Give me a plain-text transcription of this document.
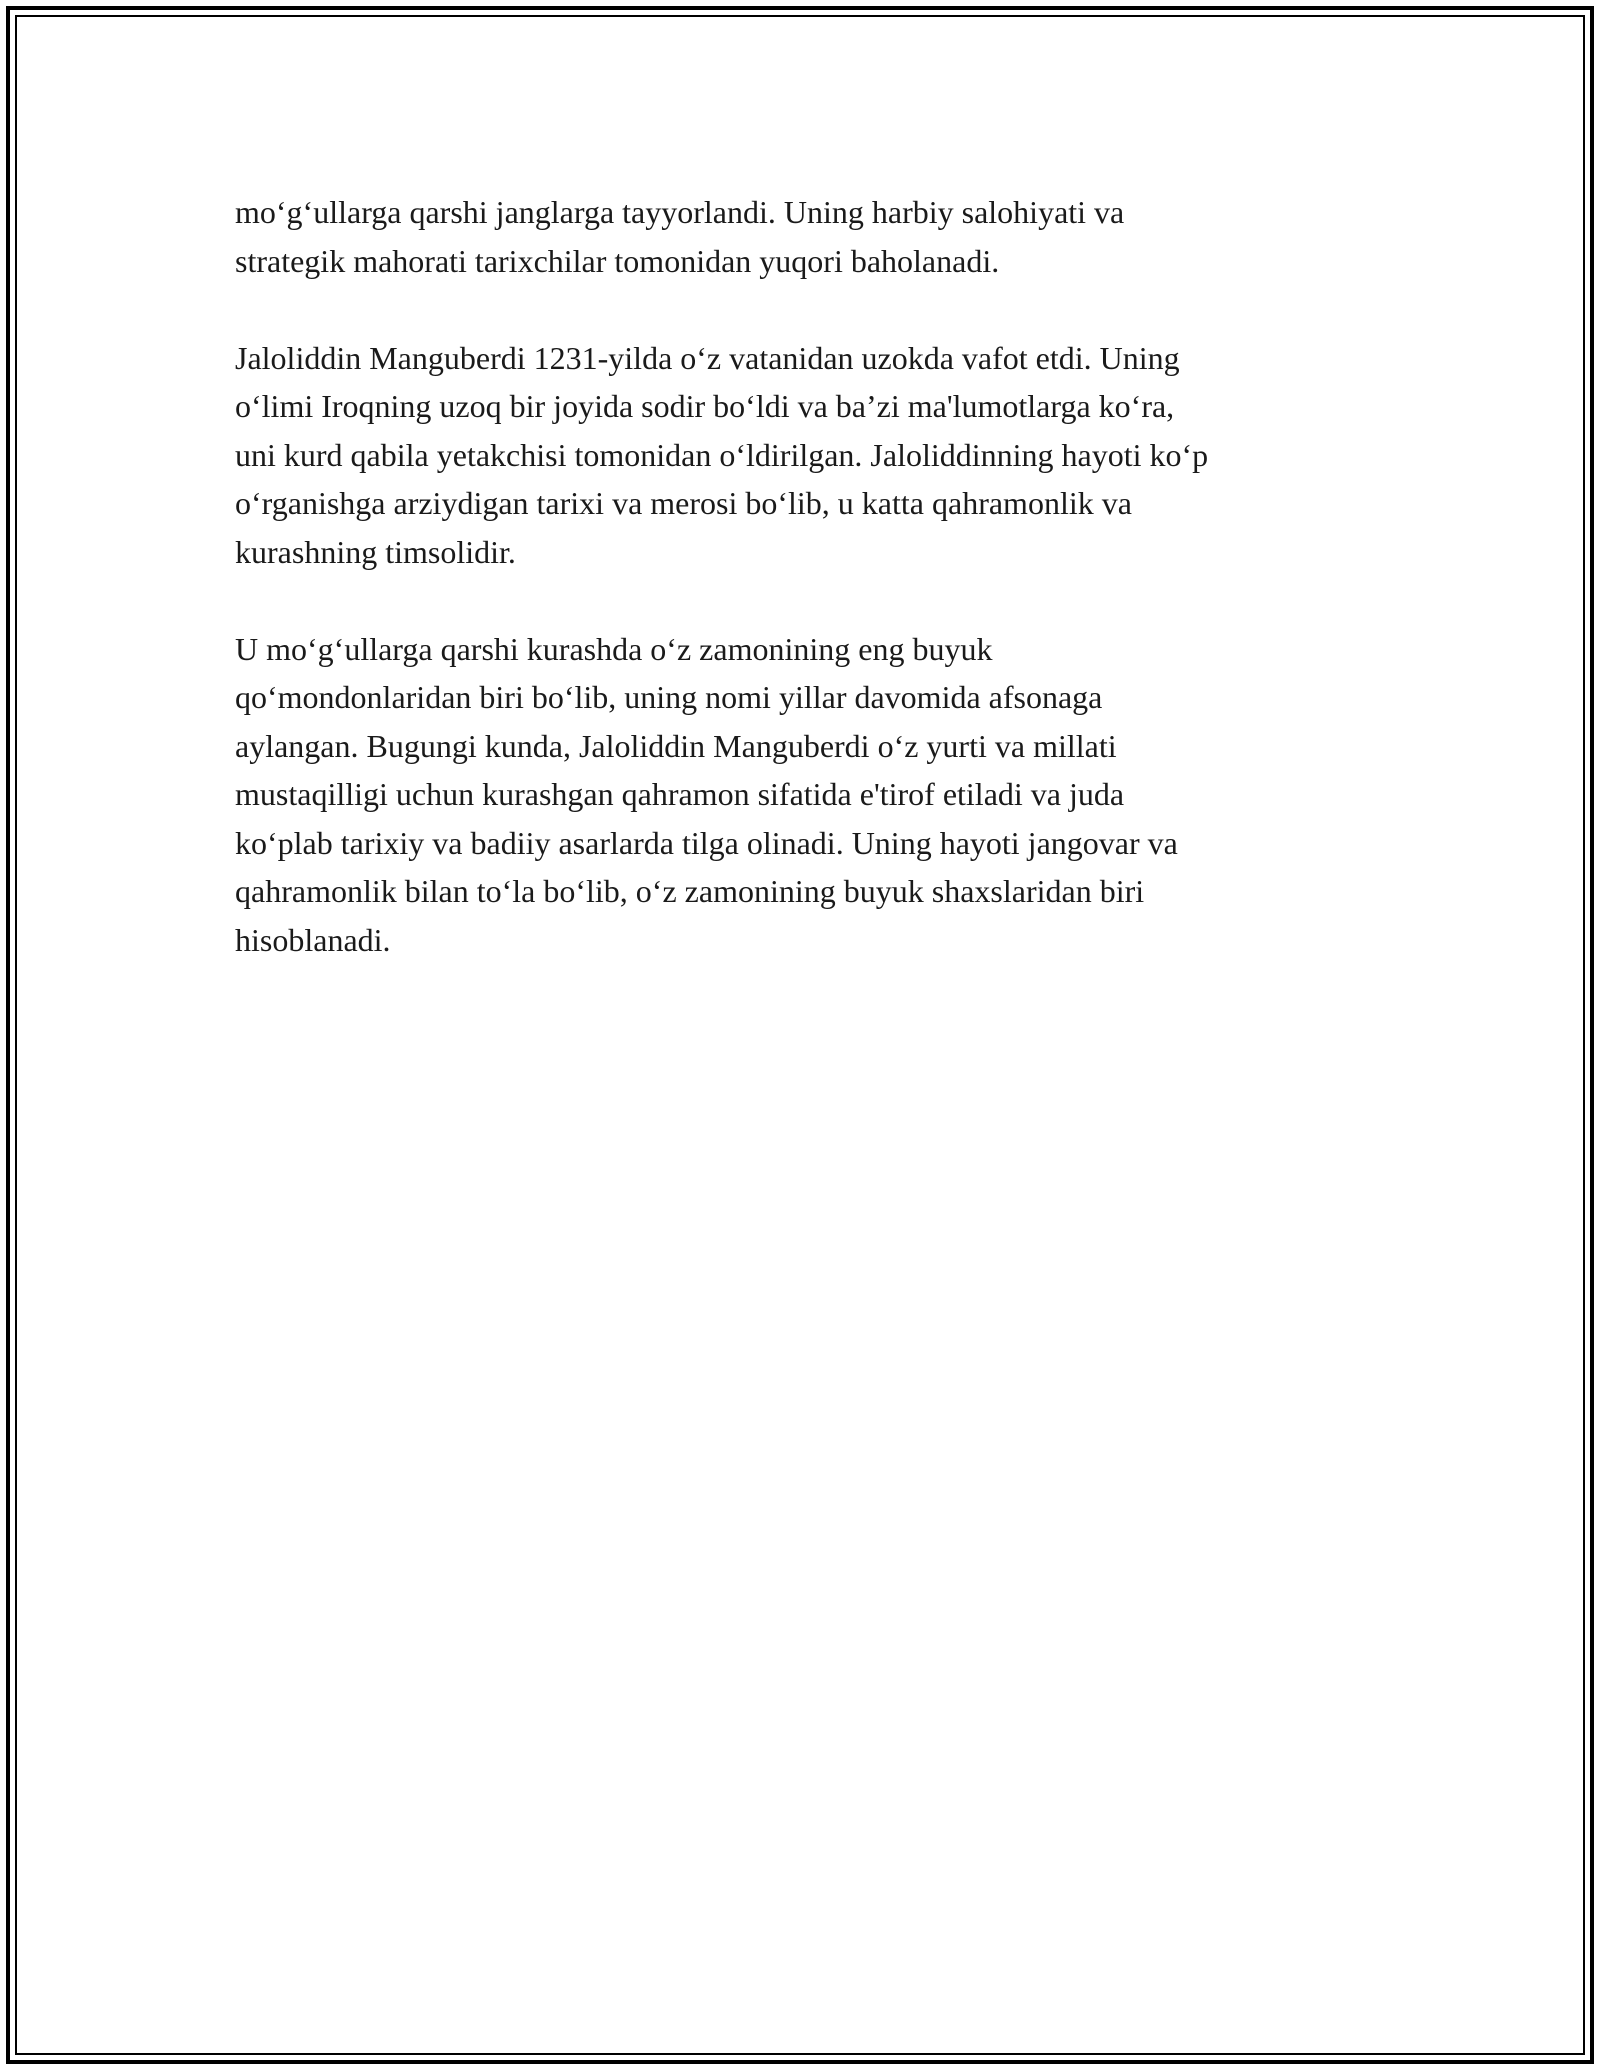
mo‘g‘ullarga qarshi janglarga tayyorlandi. Uning harbiy salohiyati va
strategik mahorati tarixchilar tomonidan yuqori baholanadi.

Jaloliddin Manguberdi 1231-yilda o‘z vatanidan uzokda vafot etdi. Uning
o‘limi Iroqning uzoq bir joyida sodir bo‘ldi va ba’zi ma'lumotlarga ko‘ra,
uni kurd qabila yetakchisi tomonidan o‘ldirilgan. Jaloliddinning hayoti ko‘p
o‘rganishga arziydigan tarixi va merosi bo‘lib, u katta qahramonlik va
kurashning timsolidir.

U mo‘g‘ullarga qarshi kurashda o‘z zamonining eng buyuk
qo‘mondonlaridan biri bo‘lib, uning nomi yillar davomida afsonaga
aylangan. Bugungi kunda, Jaloliddin Manguberdi o‘z yurti va millati
mustaqilligi uchun kurashgan qahramon sifatida e'tirof etiladi va juda
ko‘plab tarixiy va badiiy asarlarda tilga olinadi. Uning hayoti jangovar va
qahramonlik bilan to‘la bo‘lib, o‘z zamonining buyuk shaxslaridan biri
hisoblanadi.
